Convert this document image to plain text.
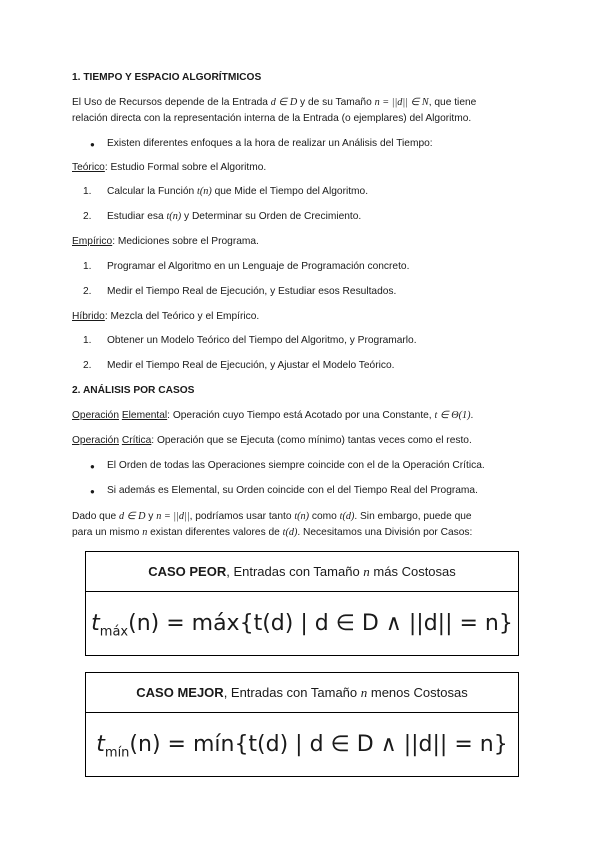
1. TIEMPO Y ESPACIO ALGORÍTMICOS
El Uso de Recursos depende de la Entrada d ∈ D y de su Tamaño n = ||d|| ∈ N, que tiene
relación directa con la representación interna de la Entrada (o ejemplares) del Algoritmo.
● Existen diferentes enfoques a la hora de realizar un Análisis del Tiempo:
Teórico: Estudio Formal sobre el Algoritmo.
1. Calcular la Función t(n) que Mide el Tiempo del Algoritmo.
2. Estudiar esa t(n) y Determinar su Orden de Crecimiento.
Empírico: Mediciones sobre el Programa.
1. Programar el Algoritmo en un Lenguaje de Programación concreto.
2. Medir el Tiempo Real de Ejecución, y Estudiar esos Resultados.
Híbrido: Mezcla del Teórico y el Empírico.
1. Obtener un Modelo Teórico del Tiempo del Algoritmo, y Programarlo.
2. Medir el Tiempo Real de Ejecución, y Ajustar el Modelo Teórico.
2. ANÁLISIS POR CASOS
Operación Elemental: Operación cuyo Tiempo está Acotado por una Constante, t ∈ Θ(1).
Operación Crítica: Operación que se Ejecuta (como mínimo) tantas veces como el resto.
● El Orden de todas las Operaciones siempre coincide con el de la Operación Crítica.
● Si además es Elemental, su Orden coincide con el del Tiempo Real del Programa.
Dado que d ∈ D y n = ||d||, podríamos usar tanto t(n) como t(d). Sin embargo, puede que
para un mismo n existan diferentes valores de t(d). Necesitamos una División por Casos:
CASO PEOR, Entradas con Tamaño n más Costosas
$t_{máx}(n)$ = máx{t(d) | d ∈ D ∧ ||d|| = n}
CASO MEJOR, Entradas con Tamaño n menos Costosas
$t_{mín}(n)$ = mín{t(d) | d ∈ D ∧ ||d|| = n}
